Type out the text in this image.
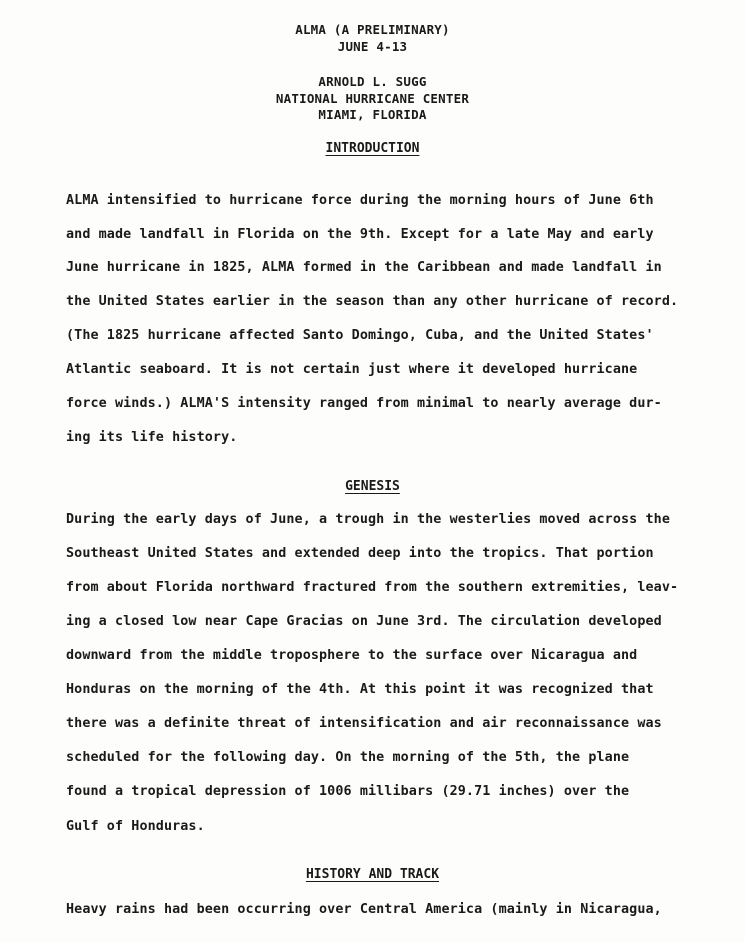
ALMA (A PRELIMINARY)
JUNE 4-13
ARNOLD L. SUGG
NATIONAL HURRICANE CENTER
MIAMI, FLORIDA
INTRODUCTION
ALMA intensified to hurricane force during the morning hours of June 6th
and made landfall in Florida on the 9th. Except for a late May and early
June hurricane in 1825, ALMA formed in the Caribbean and made landfall in
the United States earlier in the season than any other hurricane of record.
(The 1825 hurricane affected Santo Domingo, Cuba, and the United States'
Atlantic seaboard. It is not certain just where it developed hurricane
force winds.) ALMA'S intensity ranged from minimal to nearly average dur-
ing its life history.
GENESIS
During the early days of June, a trough in the westerlies moved across the
Southeast United States and extended deep into the tropics. That portion
from about Florida northward fractured from the southern extremities, leav-
ing a closed low near Cape Gracias on June 3rd. The circulation developed
downward from the middle troposphere to the surface over Nicaragua and
Honduras on the morning of the 4th. At this point it was recognized that
there was a definite threat of intensification and air reconnaissance was
scheduled for the following day. On the morning of the 5th, the plane
found a tropical depression of 1006 millibars (29.71 inches) over the
Gulf of Honduras.
HISTORY AND TRACK
Heavy rains had been occurring over Central America (mainly in Nicaragua,
